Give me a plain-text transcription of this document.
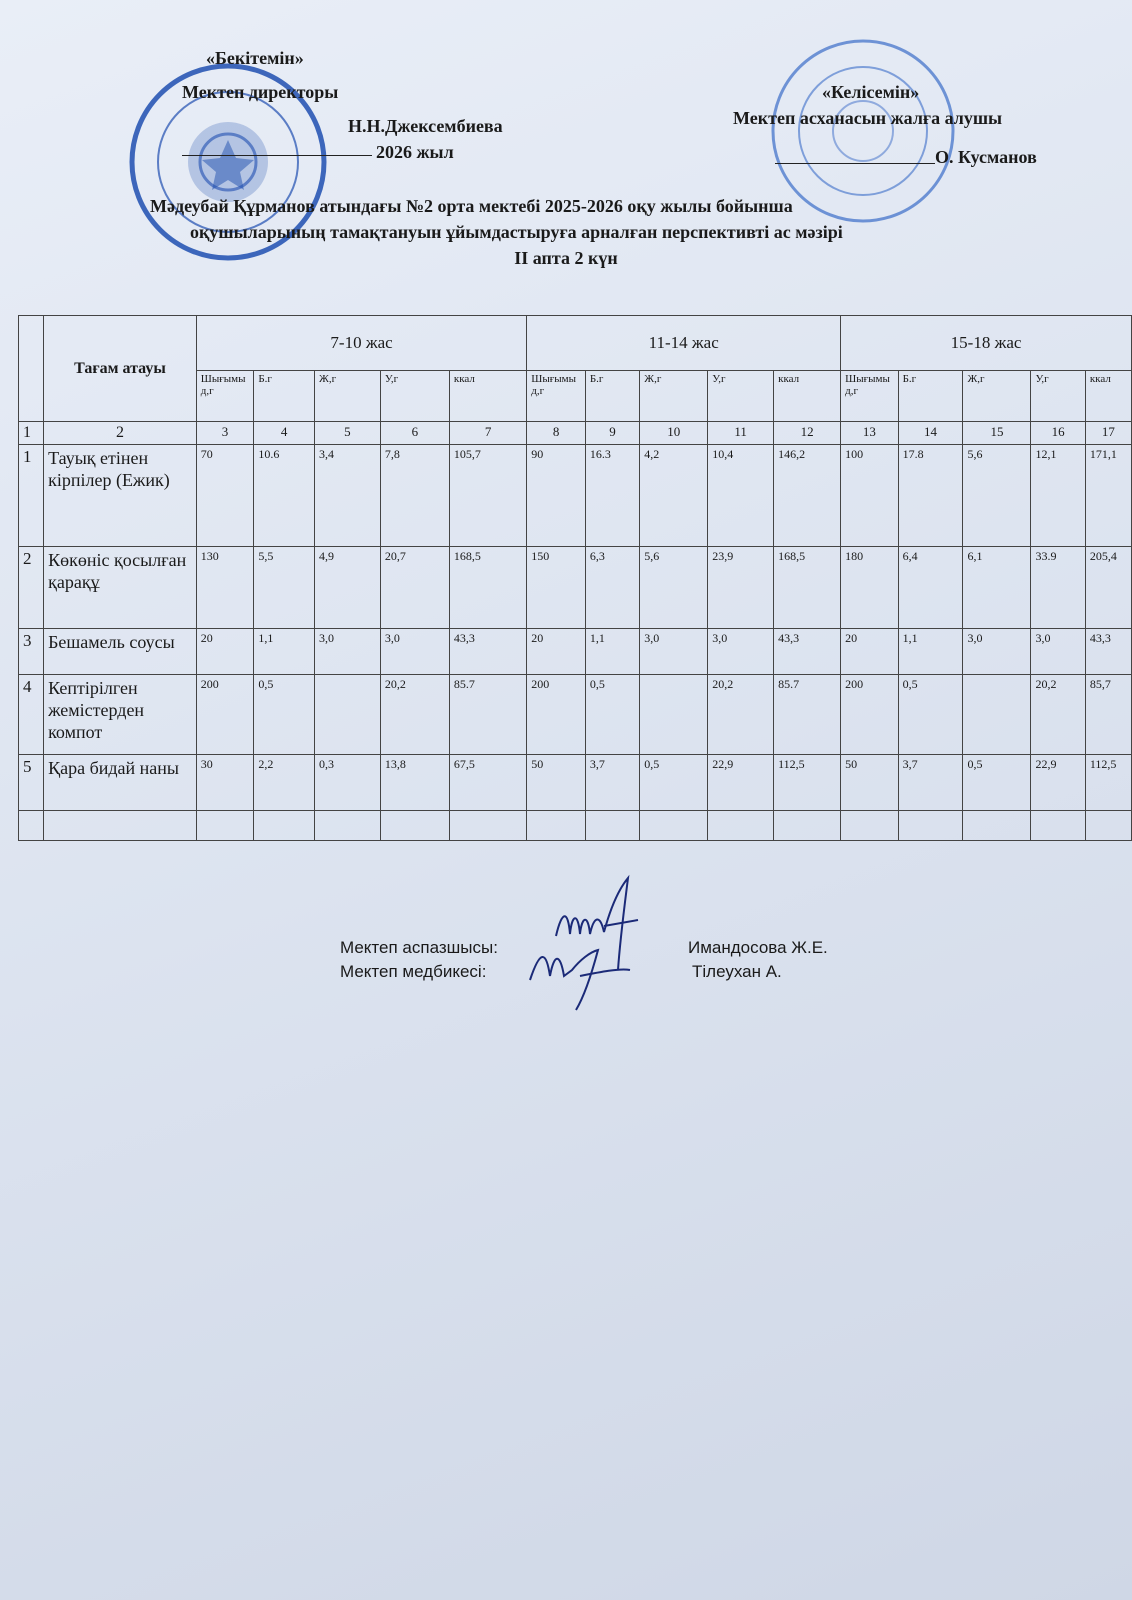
«Бекітемін»
Мектеп директоры
Н.Н.Джексембиева
2026 жыл
«Келісемін»
Мектеп асханасын жалға алушы
О. Кусманов
Мәдеубай Құрманов атындағы №2 орта мектебі 2025-2026 оқу жылы бойынша
оқушыларының тамақтануын ұйымдастыруға арналған перспективті ас мәзірі
II апта 2 күн
	Тағам атауы	7-10 жас					11-14 жас					15-18 жас				
		Шығымы д,г	Б.г	Ж,г	У,г	ккал	Шығымы д,г	Б.г	Ж,г	У,г	ккал	Шығымы д,г	Б.г	Ж,г	У,г	ккал
1	2	3	4	5	6	7	8	9	10	11	12	13	14	15	16	17
1	Тауық етінен кірпілер (Ежик)	70	10.6	3,4	7,8	105,7	90	16.3	4,2	10,4	146,2	100	17.8	5,6	12,1	171,1
2	Көкөніс қосылған қарақұ	130	5,5	4,9	20,7	168,5	150	6,3	5,6	23,9	168,5	180	6,4	6,1	33.9	205,4
3	Бешамель соусы	20	1,1	3,0	3,0	43,3	20	1,1	3,0	3,0	43,3	20	1,1	3,0	3,0	43,3
4	Кептірілген жемістерден компот	200	0,5		20,2	85.7	200	0,5		20,2	85.7	200	0,5		20,2	85,7
5	Қара бидай наны	30	2,2	0,3	13,8	67,5	50	3,7	0,5	22,9	112,5	50	3,7	0,5	22,9	112,5

Мектеп аспазшысы:	Имандосова Ж.Е.
Мектеп медбикесі:	Тілеухан А.
